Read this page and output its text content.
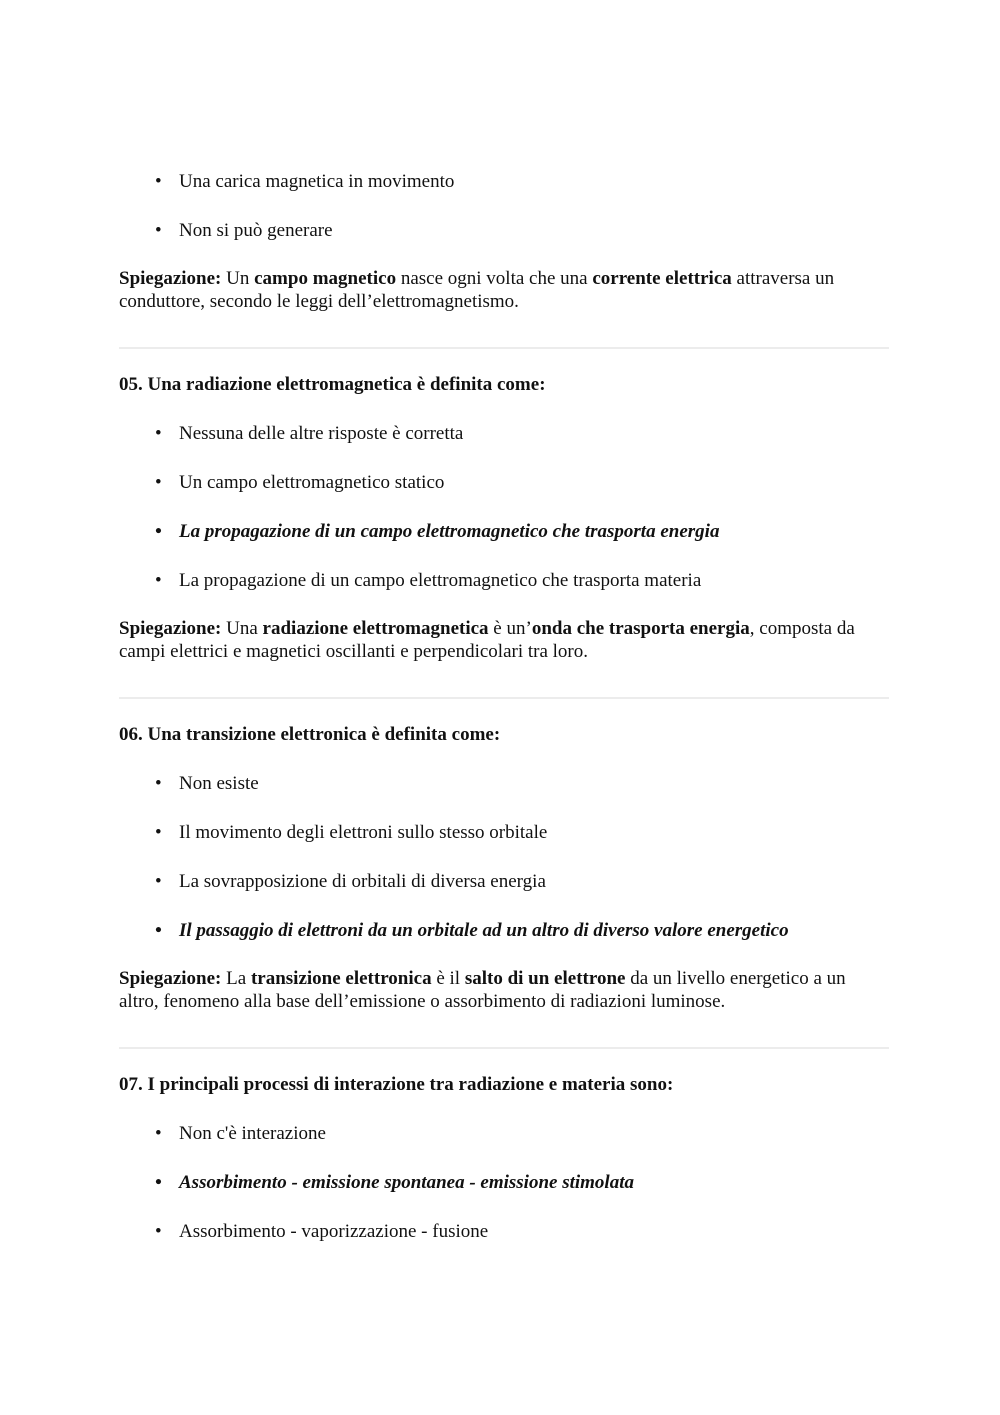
• Una carica magnetica in movimento
• Non si può generare

Spiegazione: Un campo magnetico nasce ogni volta che una corrente elettrica attraversa un conduttore, secondo le leggi dell’elettromagnetismo.

05. Una radiazione elettromagnetica è definita come:

• Nessuna delle altre risposte è corretta
• Un campo elettromagnetico statico
• La propagazione di un campo elettromagnetico che trasporta energia
• La propagazione di un campo elettromagnetico che trasporta materia

Spiegazione: Una radiazione elettromagnetica è un’onda che trasporta energia, composta da campi elettrici e magnetici oscillanti e perpendicolari tra loro.

06. Una transizione elettronica è definita come:

• Non esiste
• Il movimento degli elettroni sullo stesso orbitale
• La sovrapposizione di orbitali di diversa energia
• Il passaggio di elettroni da un orbitale ad un altro di diverso valore energetico

Spiegazione: La transizione elettronica è il salto di un elettrone da un livello energetico a un altro, fenomeno alla base dell’emissione o assorbimento di radiazioni luminose.

07. I principali processi di interazione tra radiazione e materia sono:

• Non c'è interazione
• Assorbimento - emissione spontanea - emissione stimolata
• Assorbimento - vaporizzazione - fusione
